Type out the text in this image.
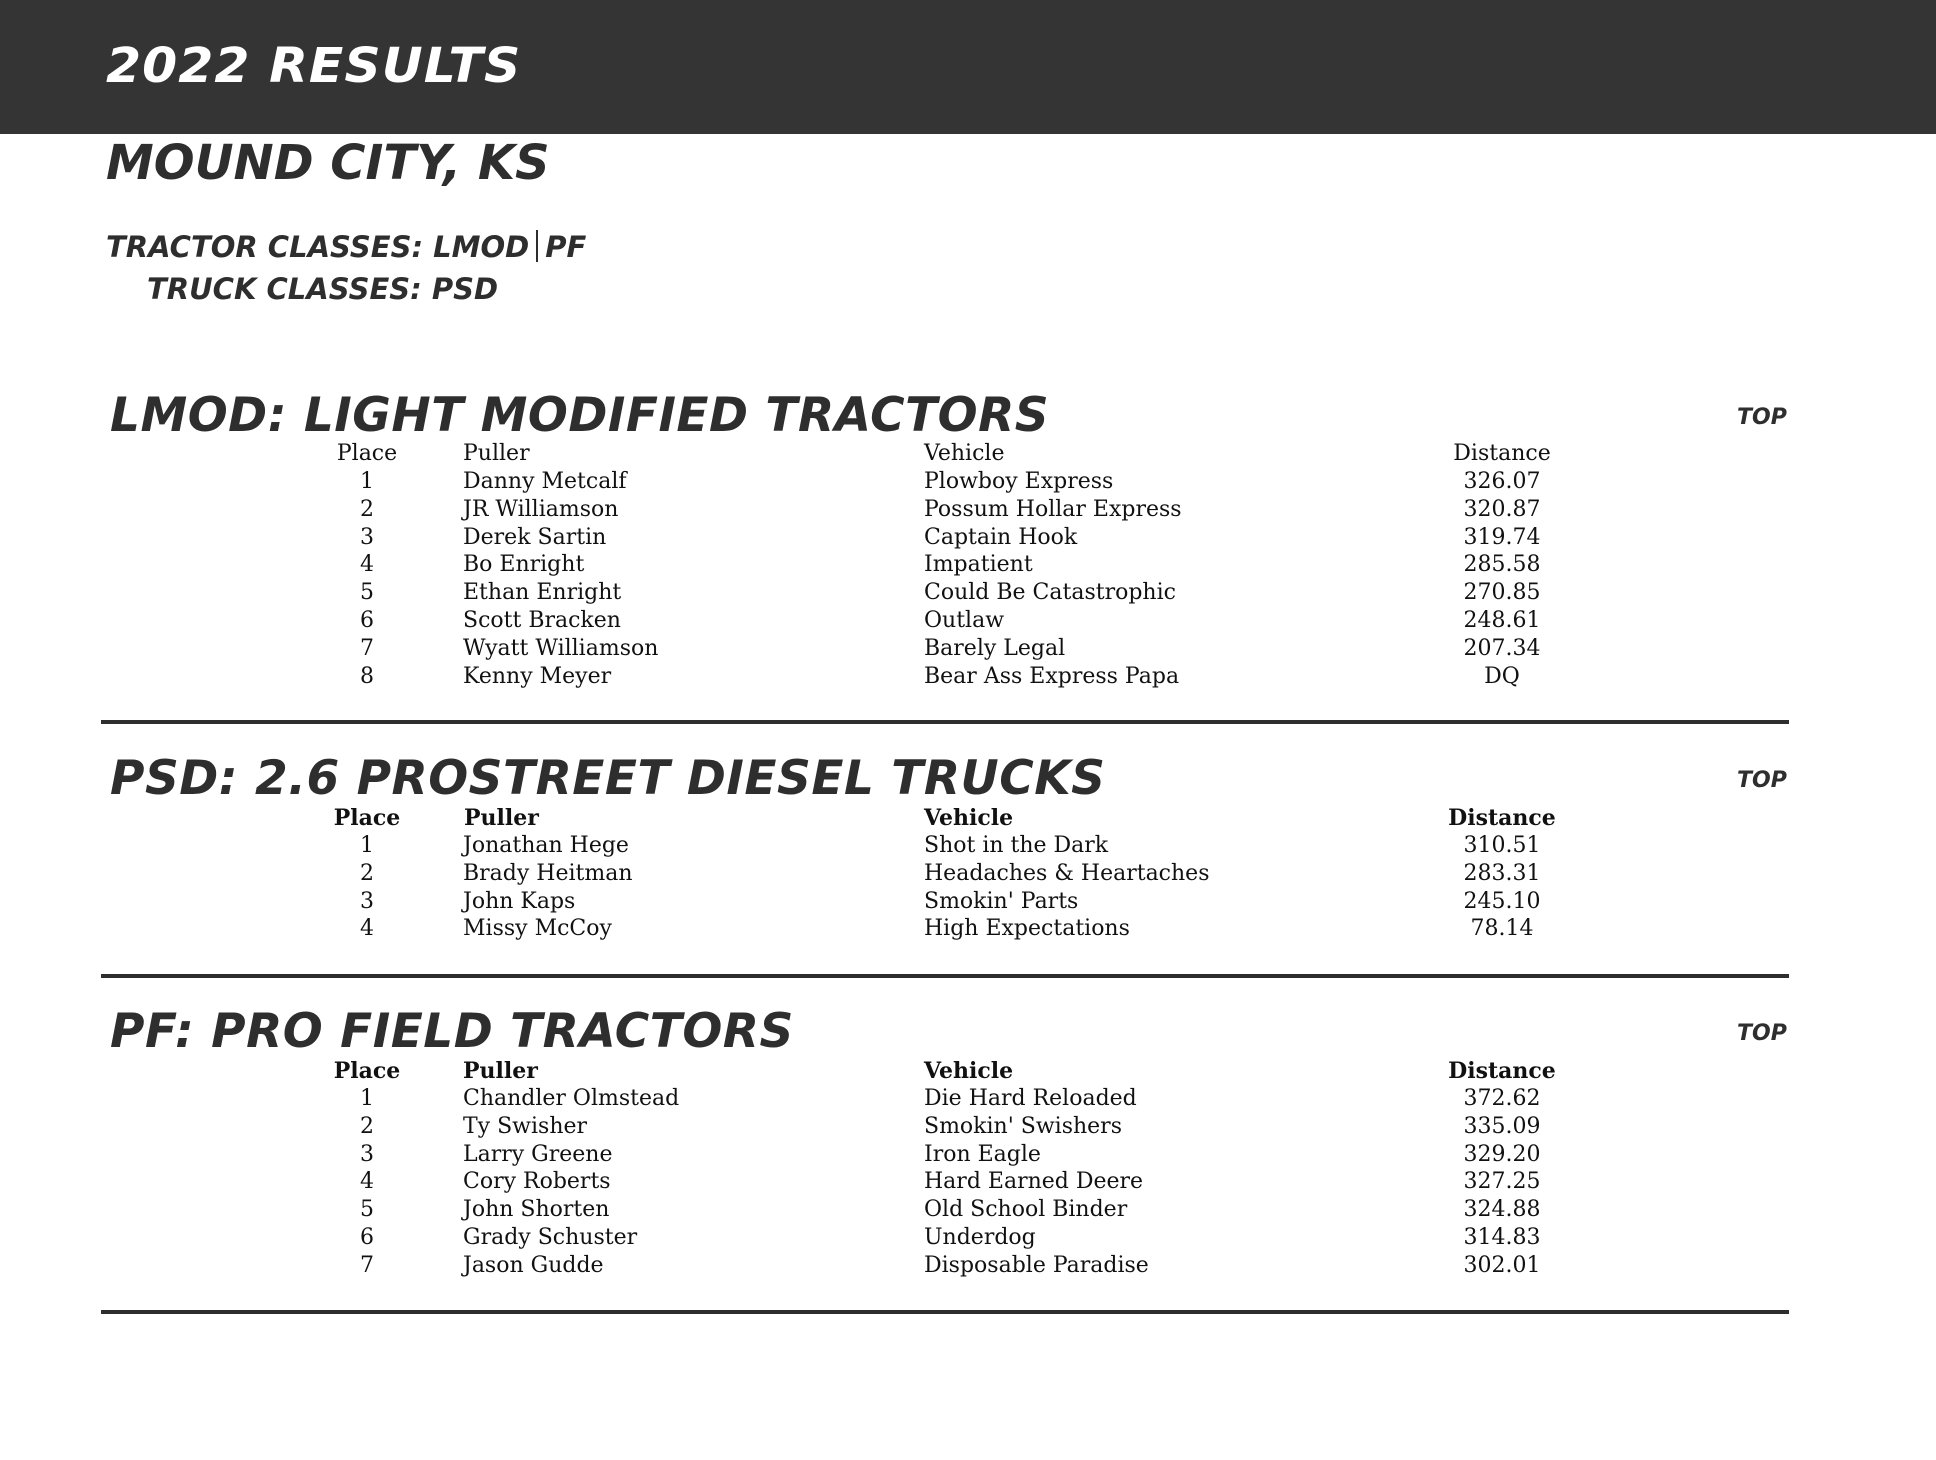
2022 RESULTS
MOUND CITY, KS
TRACTOR CLASSES: LMOD PF
TRUCK CLASSES: PSD
LMOD: LIGHT MODIFIED TRACTORS	TOP
Place	Puller	Vehicle	Distance
1	Danny Metcalf	Plowboy Express	326.07
2	JR Williamson	Possum Hollar Express	320.87
3	Derek Sartin	Captain Hook	319.74
4	Bo Enright	Impatient	285.58
5	Ethan Enright	Could Be Catastrophic	270.85
6	Scott Bracken	Outlaw	248.61
7	Wyatt Williamson	Barely Legal	207.34
8	Kenny Meyer	Bear Ass Express Papa	DQ
PSD: 2.6 PROSTREET DIESEL TRUCKS	TOP
Place	Puller	Vehicle	Distance
1	Jonathan Hege	Shot in the Dark	310.51
2	Brady Heitman	Headaches & Heartaches	283.31
3	John Kaps	Smokin' Parts	245.10
4	Missy McCoy	High Expectations	78.14
PF: PRO FIELD TRACTORS	TOP
Place	Puller	Vehicle	Distance
1	Chandler Olmstead	Die Hard Reloaded	372.62
2	Ty Swisher	Smokin' Swishers	335.09
3	Larry Greene	Iron Eagle	329.20
4	Cory Roberts	Hard Earned Deere	327.25
5	John Shorten	Old School Binder	324.88
6	Grady Schuster	Underdog	314.83
7	Jason Gudde	Disposable Paradise	302.01
